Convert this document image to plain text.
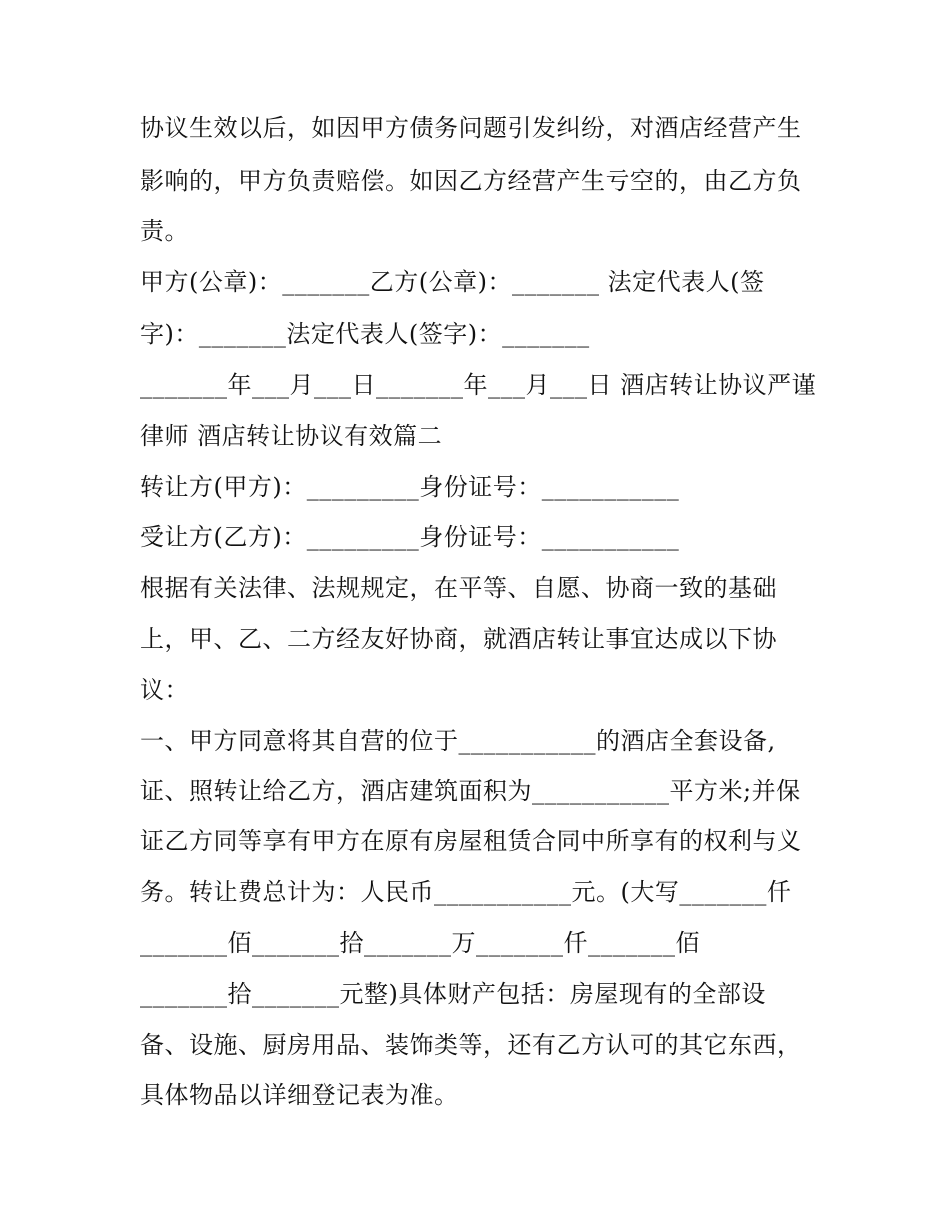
协议生效以后，如因甲方债务问题引发纠纷，对酒店经营产生
影响的，甲方负责赔偿。如因乙方经营产生亏空的，由乙方负
责。
甲方(公章)：_______乙方(公章)：_______ 法定代表人(签
字)：_______法定代表人(签字)：_______
_______年___月___日_______年___月___日 酒店转让协议严谨
律师 酒店转让协议有效篇二
转让方(甲方)：_________身份证号：___________
受让方(乙方)：_________身份证号：___________
根据有关法律、法规规定，在平等、自愿、协商一致的基础
上，甲、乙、二方经友好协商，就酒店转让事宜达成以下协
议：
一、甲方同意将其自营的位于___________的酒店全套设备,
证、照转让给乙方，酒店建筑面积为___________平方米;并保
证乙方同等享有甲方在原有房屋租赁合同中所享有的权利与义
务。转让费总计为：人民币___________元。(大写_______仟
_______佰_______拾_______万_______仟_______佰
_______拾_______元整)具体财产包括：房屋现有的全部设
备、设施、厨房用品、装饰类等，还有乙方认可的其它东西，
具体物品以详细登记表为准。
